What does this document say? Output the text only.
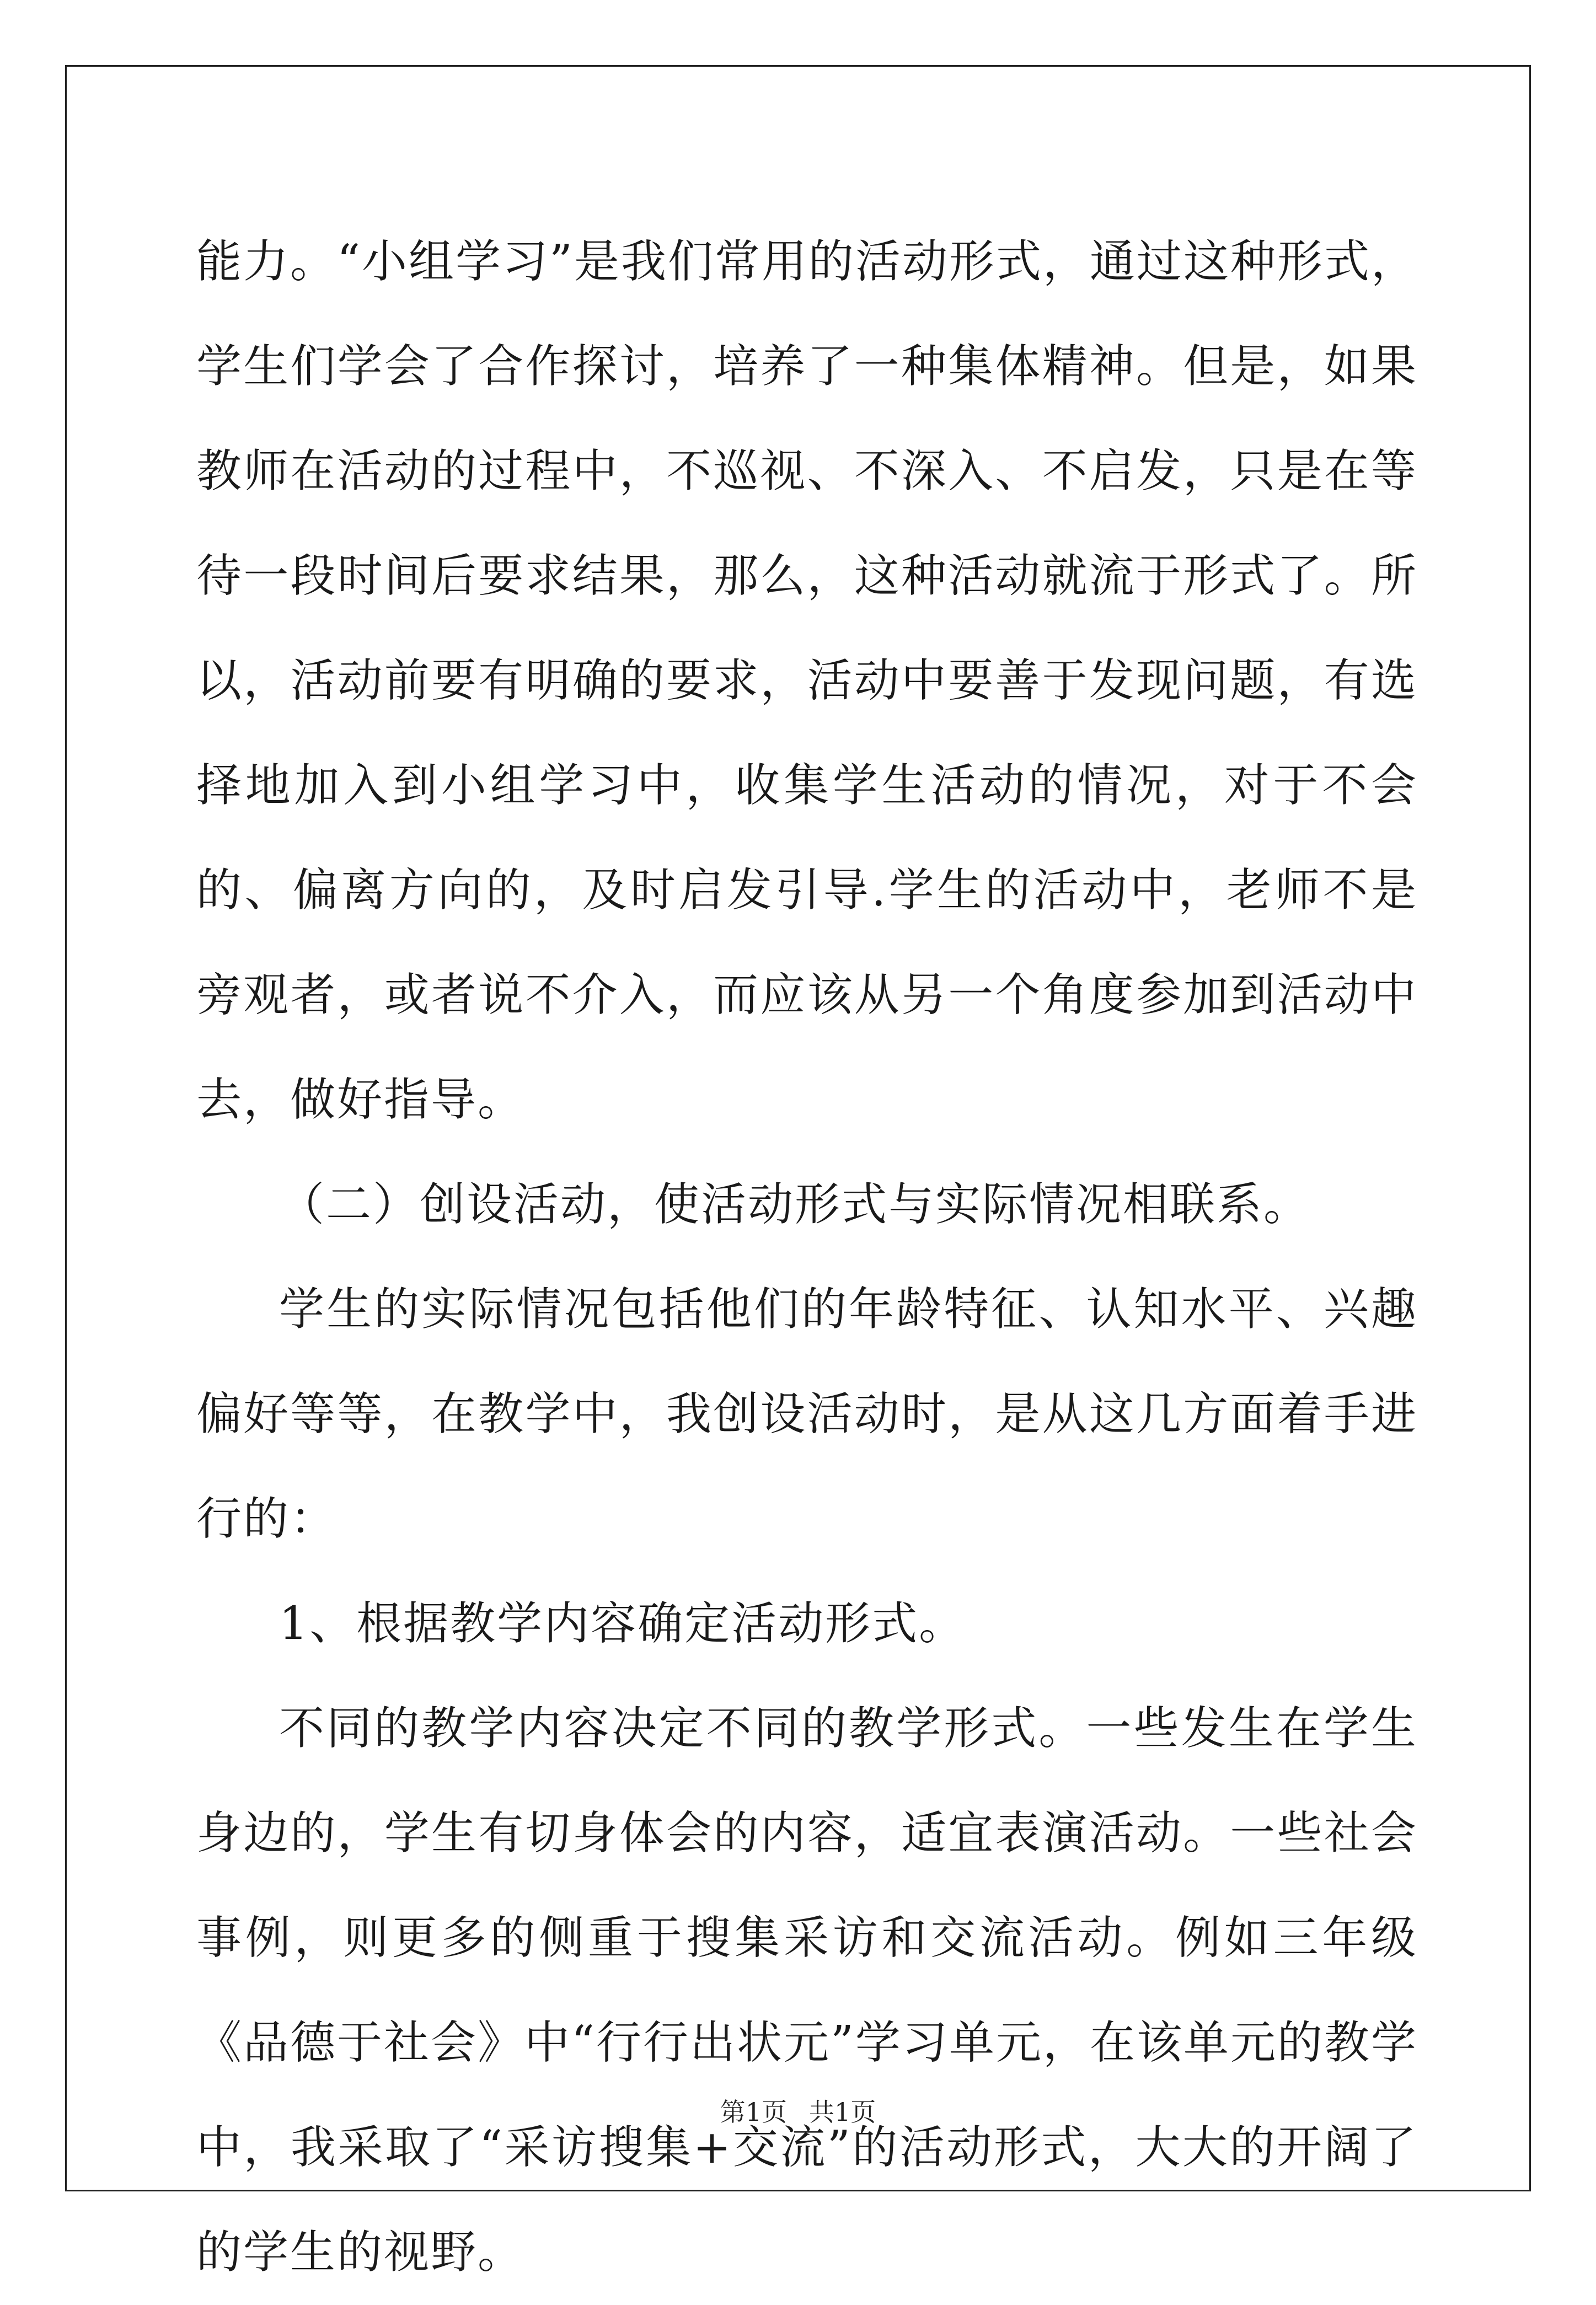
能力。“小组学习”是我们常用的活动形式，通过这种形式，学生们学会了合作探讨，培养了一种集体精神。但是，如果教师在活动的过程中，不巡视、不深入、不启发，只是在等待一段时间后要求结果，那么，这种活动就流于形式了。所以，活动前要有明确的要求，活动中要善于发现问题，有选择地加入到小组学习中，收集学生活动的情况，对于不会的、偏离方向的，及时启发引导.学生的活动中，老师不是旁观者，或者说不介入，而应该从另一个角度参加到活动中去，做好指导。

（二）创设活动，使活动形式与实际情况相联系。

学生的实际情况包括他们的年龄特征、认知水平、兴趣偏好等等，在教学中，我创设活动时，是从这几方面着手进行的：

1、根据教学内容确定活动形式。

不同的教学内容决定不同的教学形式。一些发生在学生身边的，学生有切身体会的内容，适宜表演活动。一些社会事例，则更多的侧重于搜集采访和交流活动。例如三年级《品德于社会》中“行行出状元”学习单元，在该单元的教学中，我采取了“采访搜集+交流”的活动形式，大大的开阔了的学生的视野。

第1页 共1页
